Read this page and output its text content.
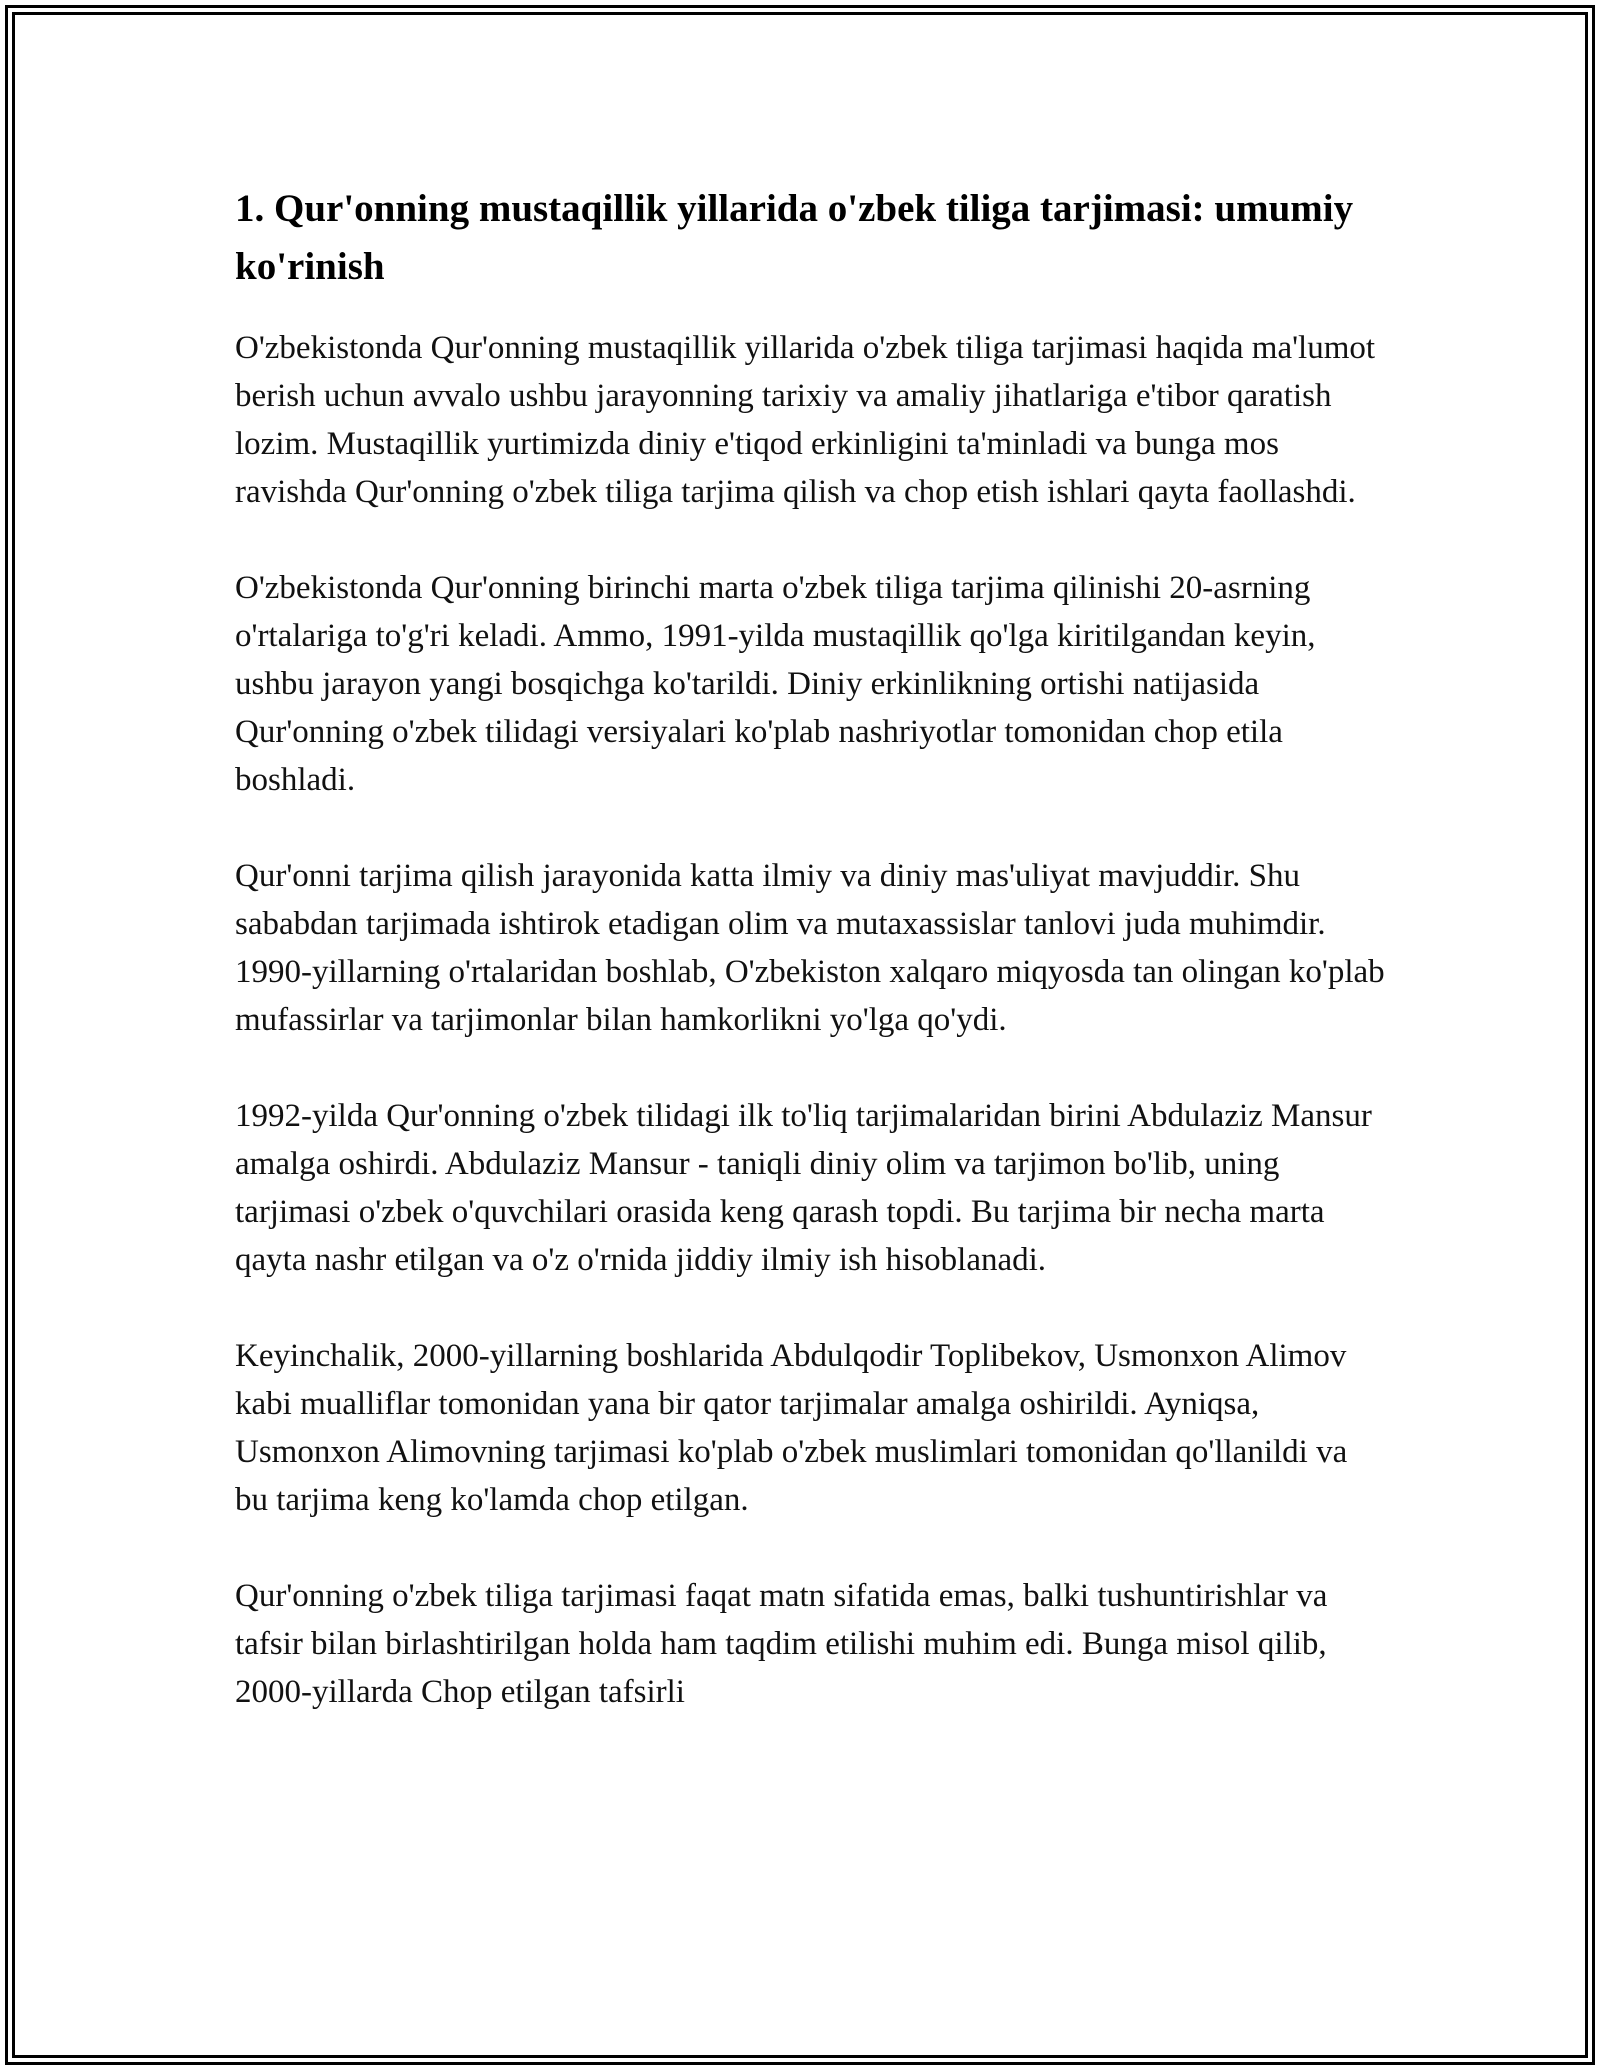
1. Qur'onning mustaqillik yillarida o'zbek tiliga tarjimasi: umumiy ko'rinish

O'zbekistonda Qur'onning mustaqillik yillarida o'zbek tiliga tarjimasi haqida ma'lumot berish uchun avvalo ushbu jarayonning tarixiy va amaliy jihatlariga e'tibor qaratish lozim. Mustaqillik yurtimizda diniy e'tiqod erkinligini ta'minladi va bunga mos ravishda Qur'onning o'zbek tiliga tarjima qilish va chop etish ishlari qayta faollashdi.

O'zbekistonda Qur'onning birinchi marta o'zbek tiliga tarjima qilinishi 20-asrning o'rtalariga to'g'ri keladi. Ammo, 1991-yilda mustaqillik qo'lga kiritilgandan keyin, ushbu jarayon yangi bosqichga ko'tarildi. Diniy erkinlikning ortishi natijasida Qur'onning o'zbek tilidagi versiyalari ko'plab nashriyotlar tomonidan chop etila boshladi.

Qur'onni tarjima qilish jarayonida katta ilmiy va diniy mas'uliyat mavjuddir. Shu sababdan tarjimada ishtirok etadigan olim va mutaxassislar tanlovi juda muhimdir. 1990-yillarning o'rtalaridan boshlab, O'zbekiston xalqaro miqyosda tan olingan ko'plab mufassirlar va tarjimonlar bilan hamkorlikni yo'lga qo'ydi.

1992-yilda Qur'onning o'zbek tilidagi ilk to'liq tarjimalaridan birini Abdulaziz Mansur amalga oshirdi. Abdulaziz Mansur - taniqli diniy olim va tarjimon bo'lib, uning tarjimasi o'zbek o'quvchilari orasida keng qarash topdi. Bu tarjima bir necha marta qayta nashr etilgan va o'z o'rnida jiddiy ilmiy ish hisoblanadi.

Keyinchalik, 2000-yillarning boshlarida Abdulqodir Toplibekov, Usmonxon Alimov kabi mualliflar tomonidan yana bir qator tarjimalar amalga oshirildi. Ayniqsa, Usmonxon Alimovning tarjimasi ko'plab o'zbek muslimlari tomonidan qo'llanildi va bu tarjima keng ko'lamda chop etilgan.

Qur'onning o'zbek tiliga tarjimasi faqat matn sifatida emas, balki tushuntirishlar va tafsir bilan birlashtirilgan holda ham taqdim etilishi muhim edi. Bunga misol qilib, 2000-yillarda Chop etilgan tafsirli
